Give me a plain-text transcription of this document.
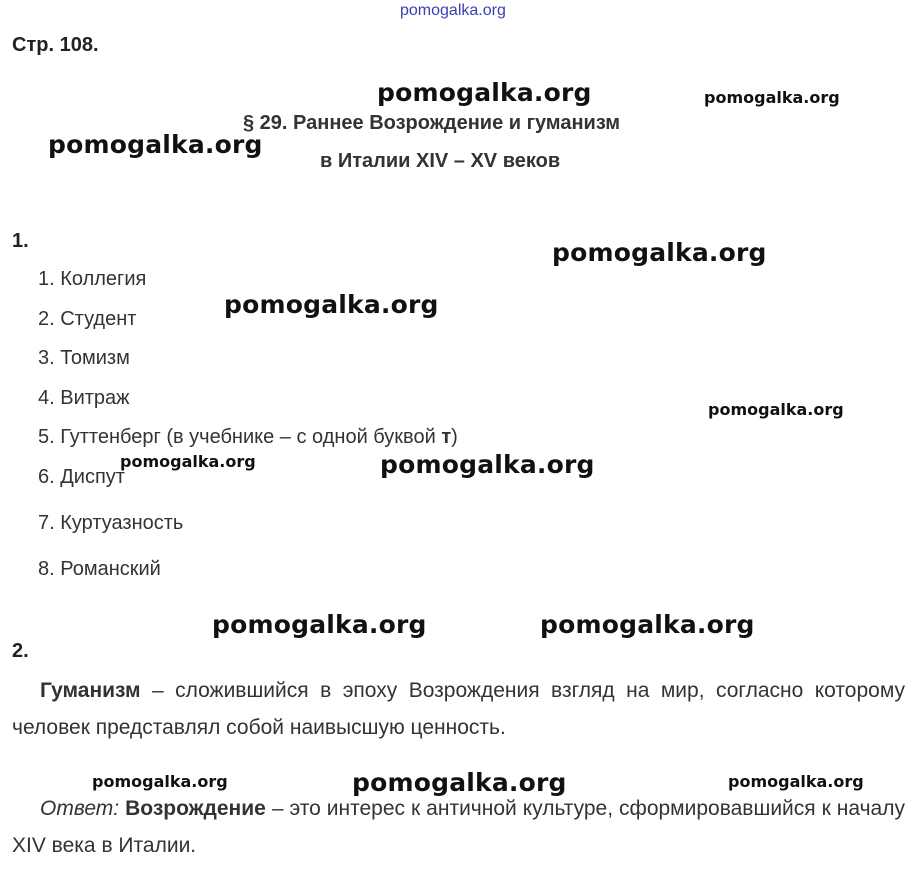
pomogalka.org
Стр. 108.
pomogalka.org	pomogalka.org
pomogalka.org
pomogalka.org
pomogalka.org
pomogalka.org
pomogalka.org	pomogalka.org
pomogalka.org	pomogalka.org
pomogalka.org	pomogalka.org	pomogalka.org
§ 29. Раннее Возрождение и гуманизм
в Италии XIV – XV веков
1.
1. Коллегия
2. Студент
3. Томизм
4. Витраж
5. Гуттенберг (в учебнике – с одной буквой т)
6. Диспут
7. Куртуазность
8. Романский
2.
Гуманизм – сложившийся в эпоху Возрождения взгляд на мир, согласно которому человек представлял собой наивысшую ценность.
Ответ: Возрождение – это интерес к античной культуре, сформировавшийся к началу XIV века в Италии.
